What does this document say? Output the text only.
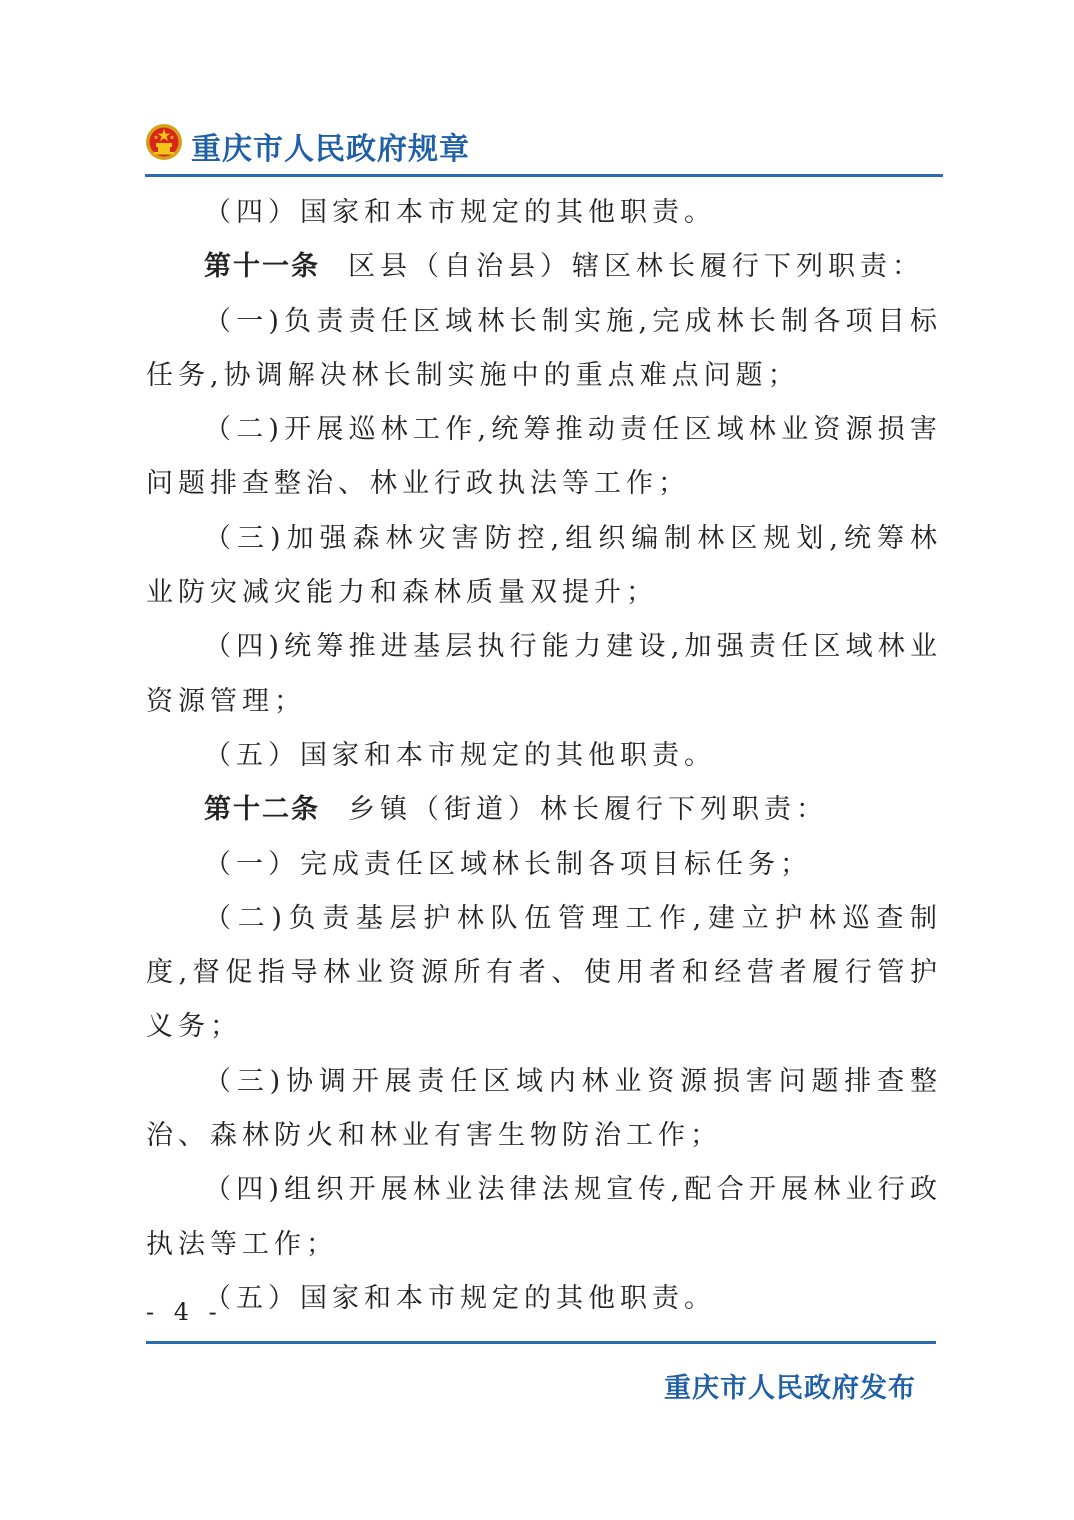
重庆市人民政府规章

（四）国家和本市规定的其他职责。

第十一条 区县（自治县）辖区林长履行下列职责：

（一)负责责任区域林长制实施,完成林长制各项目标任务,协调解决林长制实施中的重点难点问题；

（二)开展巡林工作,统筹推动责任区域林业资源损害问题排查整治、林业行政执法等工作；

（三)加强森林灾害防控,组织编制林区规划,统筹林业防灾减灾能力和森林质量双提升；

（四)统筹推进基层执行能力建设,加强责任区域林业资源管理；

（五）国家和本市规定的其他职责。

第十二条 乡镇（街道）林长履行下列职责：

（一）完成责任区域林长制各项目标任务；

（二)负责基层护林队伍管理工作,建立护林巡查制度,督促指导林业资源所有者、使用者和经营者履行管护义务；

（三)协调开展责任区域内林业资源损害问题排查整治、森林防火和林业有害生物防治工作；

（四)组织开展林业法律法规宣传,配合开展林业行政执法等工作；

（五）国家和本市规定的其他职责。

- 4 -
重庆市人民政府发布
